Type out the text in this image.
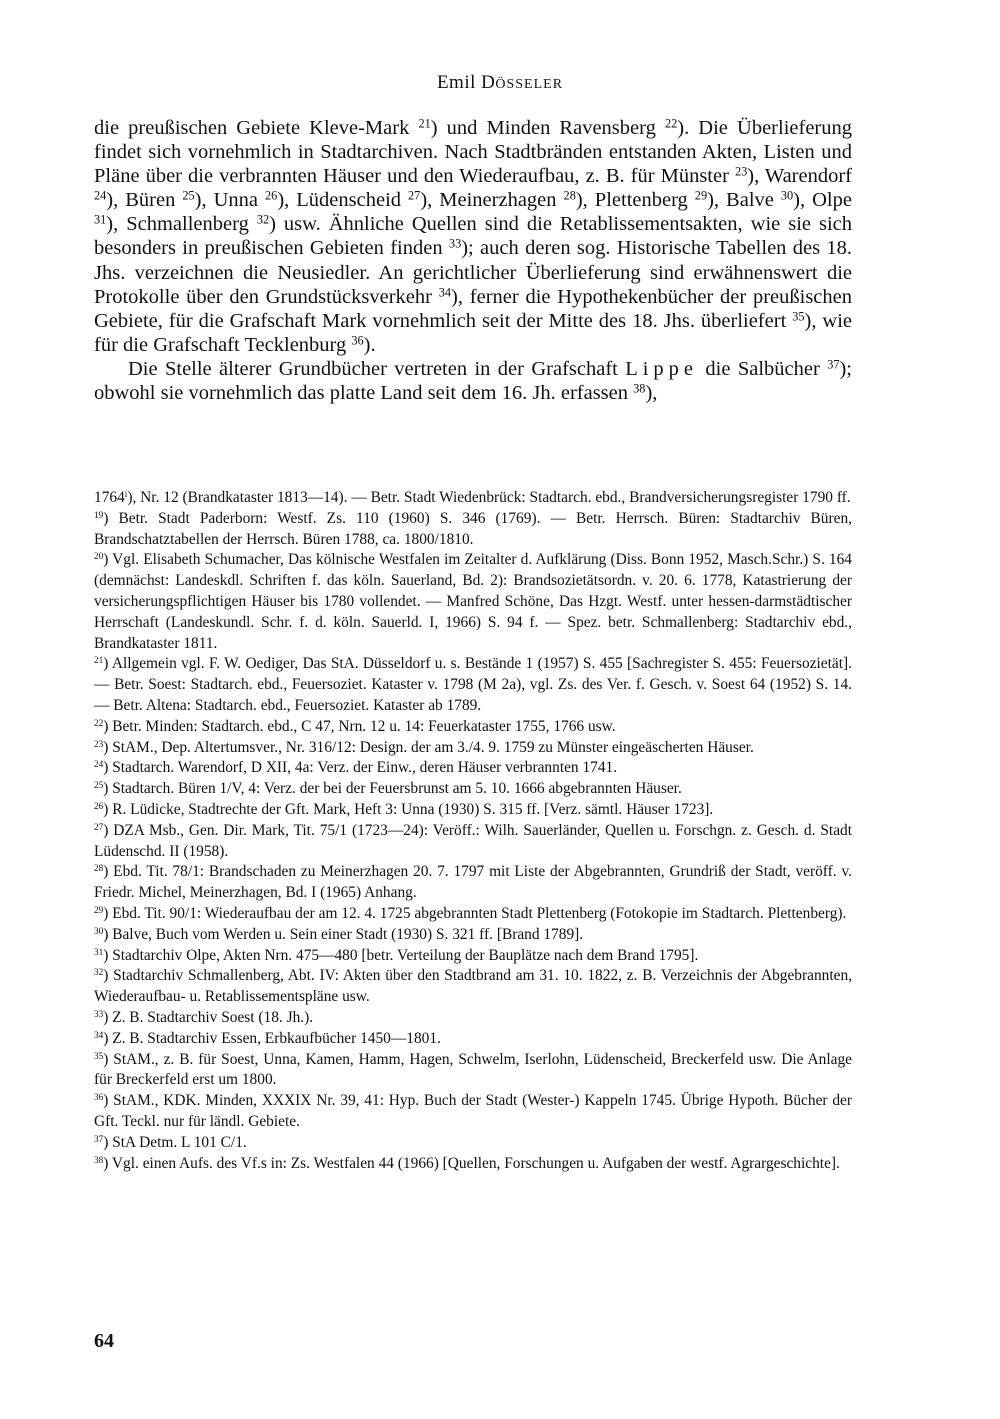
Emil DÖSSELER

die preußischen Gebiete Kleve-Mark $^{21}$) und Minden Ravensberg $^{22}$). Die Überlieferung findet sich vornehmlich in Stadtarchiven. Nach Stadtbränden entstanden Akten, Listen und Pläne über die verbrannten Häuser und den Wiederaufbau, z. B. für Münster $^{23}$), Warendorf $^{24}$), Büren $^{25}$), Unna $^{26}$), Lüdenscheid $^{27}$), Meinerzhagen $^{28}$), Plettenberg $^{29}$), Balve $^{30}$), Olpe $^{31}$), Schmallenberg $^{32}$) usw. Ähnliche Quellen sind die Retablissementsakten, wie sie sich besonders in preußischen Gebieten finden $^{33}$); auch deren sog. Historische Tabellen des 18. Jhs. verzeichnen die Neusiedler. An gerichtlicher Überlieferung sind erwähnenswert die Protokolle über den Grundstücksverkehr $^{34}$), ferner die Hypothekenbücher der preußischen Gebiete, für die Grafschaft Mark vornehmlich seit der Mitte des 18. Jhs. überliefert $^{35}$), wie für die Grafschaft Tecklenburg $^{36}$).

Die Stelle älterer Grundbücher vertreten in der Grafschaft Lippe die Salbücher $^{37}$); obwohl sie vornehmlich das platte Land seit dem 16. Jh. erfassen $^{38}$),

1764$^i$), Nr. 12 (Brandkataster 1813—14). — Betr. Stadt Wiedenbrück: Stadtarch. ebd., Brandversicherungsregister 1790 ff.

$^{19}$) Betr. Stadt Paderborn: Westf. Zs. 110 (1960) S. 346 (1769). — Betr. Herrsch. Büren: Stadtarchiv Büren, Brandschatztabellen der Herrsch. Büren 1788, ca. 1800/1810.

$^{20}$) Vgl. Elisabeth Schumacher, Das kölnische Westfalen im Zeitalter d. Aufklärung (Diss. Bonn 1952, Masch.Schr.) S. 164 (demnächst: Landeskdl. Schriften f. das köln. Sauerland, Bd. 2): Brandsozietätsordn. v. 20. 6. 1778, Katastrierung der versicherungspflichtigen Häuser bis 1780 vollendet. — Manfred Schöne, Das Hzgt. Westf. unter hessen-darmstädtischer Herrschaft (Landeskundl. Schr. f. d. köln. Sauerld. I, 1966) S. 94 f. — Spez. betr. Schmallenberg: Stadtarchiv ebd., Brandkataster 1811.

$^{21}$) Allgemein vgl. F. W. Oediger, Das StA. Düsseldorf u. s. Bestände 1 (1957) S. 455 [Sachregister S. 455: Feuersozietät]. — Betr. Soest: Stadtarch. ebd., Feuersoziet. Kataster v. 1798 (M 2a), vgl. Zs. des Ver. f. Gesch. v. Soest 64 (1952) S. 14. — Betr. Altena: Stadtarch. ebd., Feuersoziet. Kataster ab 1789.

$^{22}$) Betr. Minden: Stadtarch. ebd., C 47, Nrn. 12 u. 14: Feuerkataster 1755, 1766 usw.

$^{23}$) StAM., Dep. Altertumsver., Nr. 316/12: Design. der am 3./4. 9. 1759 zu Münster eingeäscherten Häuser.

$^{24}$) Stadtarch. Warendorf, D XII, 4a: Verz. der Einw., deren Häuser verbrannten 1741.

$^{25}$) Stadtarch. Büren 1/V, 4: Verz. der bei der Feuersbrunst am 5. 10. 1666 abgebrannten Häuser.

$^{26}$) R. Lüdicke, Stadtrechte der Gft. Mark, Heft 3: Unna (1930) S. 315 ff. [Verz. sämtl. Häuser 1723].

$^{27}$) DZA Msb., Gen. Dir. Mark, Tit. 75/1 (1723—24): Veröff.: Wilh. Sauerländer, Quellen u. Forschgn. z. Gesch. d. Stadt Lüdenschd. II (1958).

$^{28}$) Ebd. Tit. 78/1: Brandschaden zu Meinerzhagen 20. 7. 1797 mit Liste der Abgebrannten, Grundriß der Stadt, veröff. v. Friedr. Michel, Meinerzhagen, Bd. I (1965) Anhang.

$^{29}$) Ebd. Tit. 90/1: Wiederaufbau der am 12. 4. 1725 abgebrannten Stadt Plettenberg (Fotokopie im Stadtarch. Plettenberg).

$^{30}$) Balve, Buch vom Werden u. Sein einer Stadt (1930) S. 321 ff. [Brand 1789].

$^{31}$) Stadtarchiv Olpe, Akten Nrn. 475—480 [betr. Verteilung der Bauplätze nach dem Brand 1795].

$^{32}$) Stadtarchiv Schmallenberg, Abt. IV: Akten über den Stadtbrand am 31. 10. 1822, z. B. Verzeichnis der Abgebrannten, Wiederaufbau- u. Retablissementspläne usw.

$^{33}$) Z. B. Stadtarchiv Soest (18. Jh.).

$^{34}$) Z. B. Stadtarchiv Essen, Erbkaufbücher 1450—1801.

$^{35}$) StAM., z. B. für Soest, Unna, Kamen, Hamm, Hagen, Schwelm, Iserlohn, Lüdenscheid, Breckerfeld usw. Die Anlage für Breckerfeld erst um 1800.

$^{36}$) StAM., KDK. Minden, XXXIX Nr. 39, 41: Hyp. Buch der Stadt (Wester-) Kappeln 1745. Übrige Hypoth. Bücher der Gft. Teckl. nur für ländl. Gebiete.

$^{37}$) StA Detm. L 101 C/1.

$^{38}$) Vgl. einen Aufs. des Vf.s in: Zs. Westfalen 44 (1966) [Quellen, Forschungen u. Aufgaben der westf. Agrargeschichte].

64
